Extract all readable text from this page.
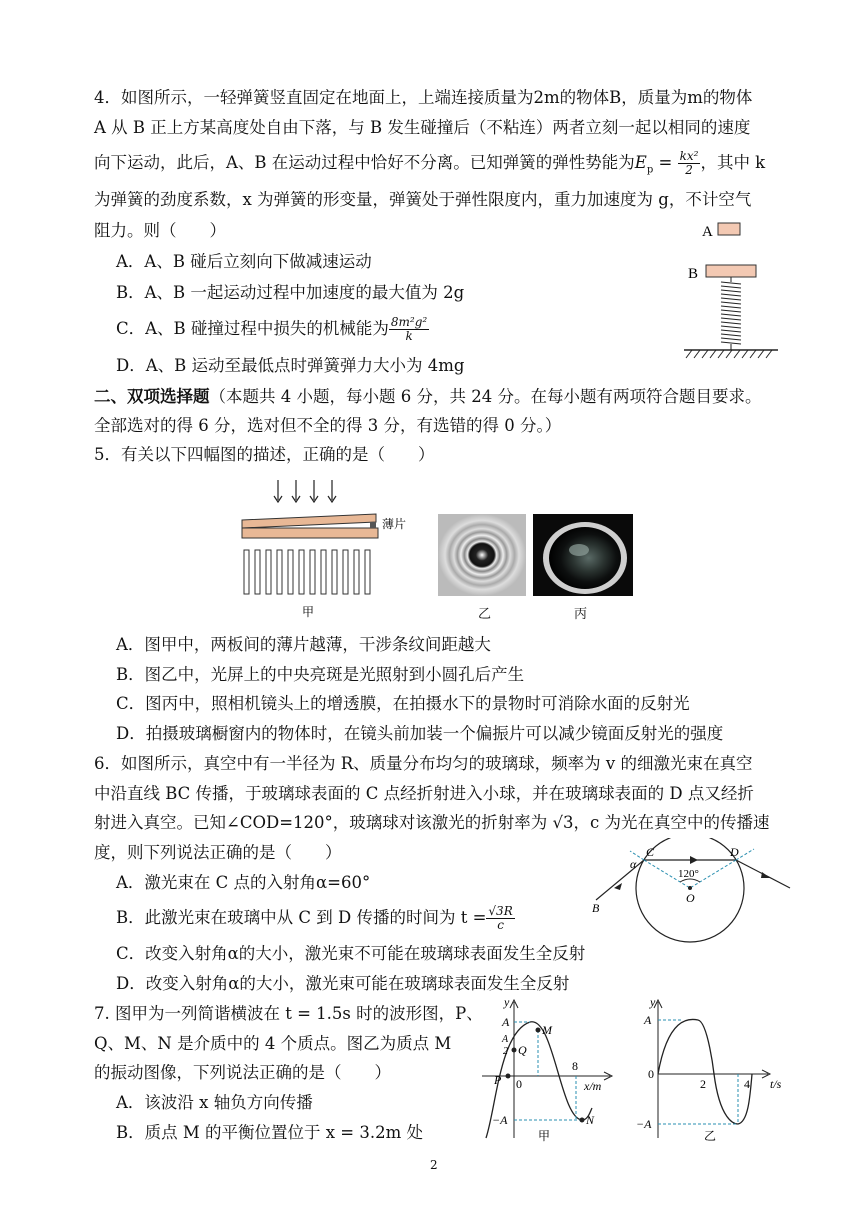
4．如图所示，一轻弹簧竖直固定在地面上，上端连接质量为2m的物体B，质量为m的物体
A 从 B 正上方某高度处自由下落，与 B 发生碰撞后（不粘连）两者立刻一起以相同的速度
向下运动，此后，A、B 在运动过程中恰好不分离。已知弹簧的弹性势能为$E_p = \frac{\text{kx²}}{2}$ ，其中 k
为弹簧的劲度系数，x 为弹簧的形变量，弹簧处于弹性限度内，重力加速度为 g，不计空气
阻力。则（　　）
A．A、B 碰后立刻向下做减速运动
B．A、B 一起运动过程中加速度的最大值为 2g
C．A、B 碰撞过程中损失的机械能为 $\frac{\text{8m²g²}}{k}$
D．A、B 运动至最低点时弹簧弹力大小为 4mg
A
B
二、双项选择题（本题共 4 小题，每小题 6 分，共 24 分。在每小题有两项符合题目要求。
全部选对的得 6 分，选对但不全的得 3 分，有选错的得 0 分。）
5．有关以下四幅图的描述，正确的是（　　）
薄片
甲	乙	丙
A．图甲中，两板间的薄片越薄，干涉条纹间距越大
B．图乙中，光屏上的中央亮斑是光照射到小圆孔后产生
C．图丙中，照相机镜头上的增透膜，在拍摄水下的景物时可消除水面的反射光
D．拍摄玻璃橱窗内的物体时，在镜头前加装一个偏振片可以减少镜面反射光的强度
6．如图所示，真空中有一半径为 R、质量分布均匀的玻璃球，频率为 v 的细激光束在真空
中沿直线 BC 传播，于玻璃球表面的 C 点经折射进入小球，并在玻璃球表面的 D 点又经折
射进入真空。已知∠COD=120°，玻璃球对该激光的折射率为 √3，c 为光在真空中的传播速
度，则下列说法正确的是（　　）
A．激光束在 C 点的入射角α=60°
B．此激光束在玻璃中从 C 到 D 传播的时间为 $t = \frac{√3R}{c}$
C．改变入射角α的大小，激光束不可能在玻璃球表面发生全反射
D．改变入射角α的大小，激光束可能在玻璃球表面发生全反射
C	D
O
B
α
120°
7. 图甲为一列简谐横波在 t = 1.5s 时的波形图，P、
Q、M、N 是介质中的 4 个质点。图乙为质点 M
的振动图像，下列说法正确的是（　　）
A．该波沿 x 轴负方向传播
B．质点 M 的平衡位置位于 x = 3.2m 处
y
A
A
2
−A
0
P
Q
M
N
8
x/m
甲
y
A
−A
0
2	4 t/s
乙
2
